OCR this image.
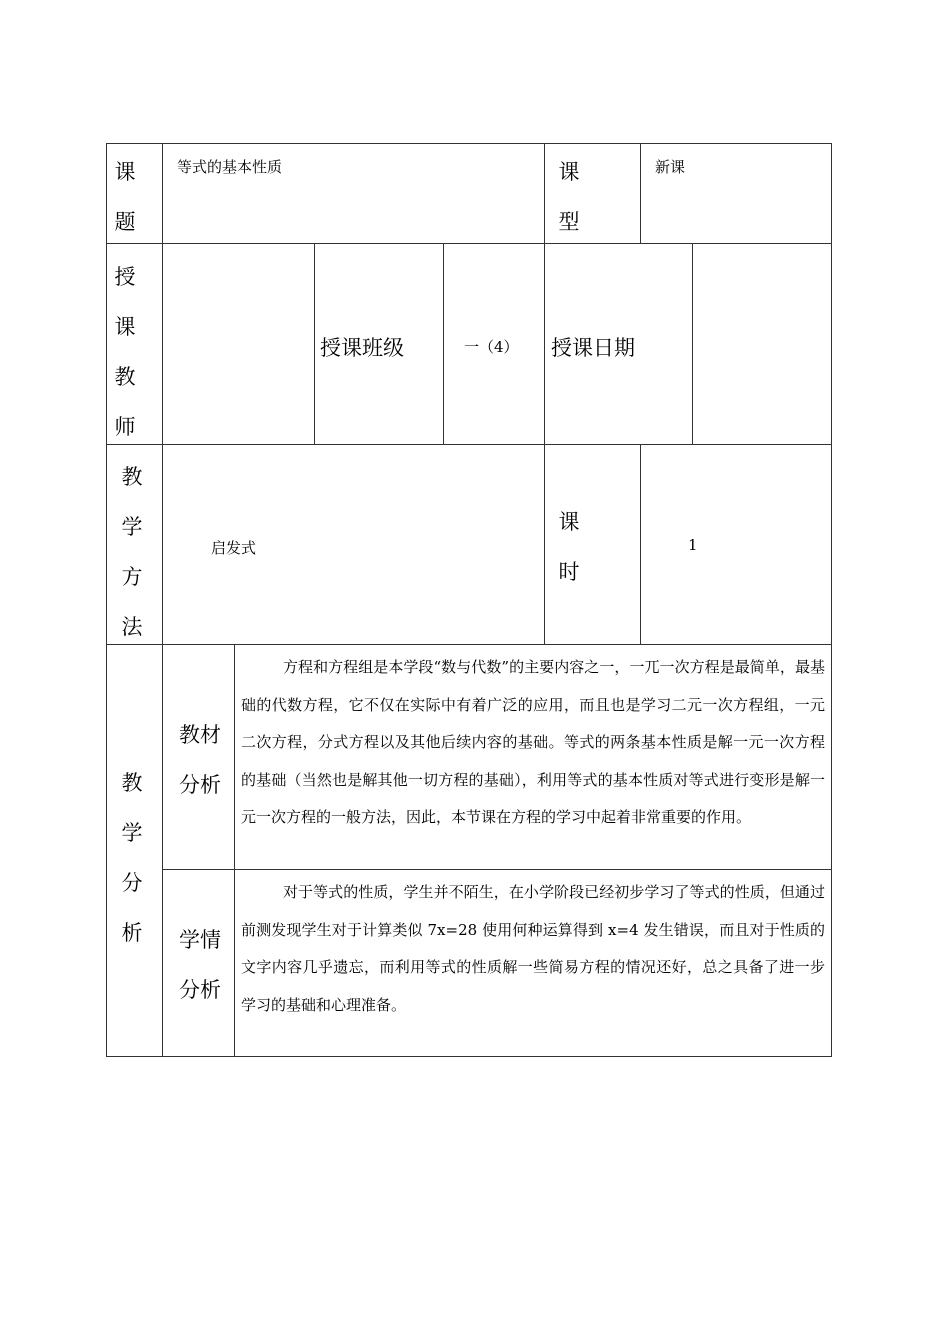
课
题
等式的基本性质	课
型
新课
授
课
教
师
授课班级	一（4） 授课日期
教
学
方
法
启发式
课
时
1
教
学
分
析
教材
分析
方程和方程组是本学段“数与代数”的主要内容之一，一兀一次方程是最简单，最基础的代数方程，它不仅在实际中有着广泛的应用，而且也是学习二元一次方程组，一元二次方程，分式方程以及其他后续内容的基础。等式的两条基本性质是解一元一次方程的基础（当然也是解其他一切方程的基础），利用等式的基本性质对等式进行变形是解一元一次方程的一般方法，因此，本节课在方程的学习中起着非常重要的作用。
学情
分析
对于等式的性质，学生并不陌生，在小学阶段已经初步学习了等式的性质，但通过前测发现学生对于计算类似 7x=28 使用何种运算得到 x=4 发生错误，而且对于性质的文字内容几乎遗忘，而利用等式的性质解一些简易方程的情况还好，总之具备了进一步学习的基础和心理准备。
